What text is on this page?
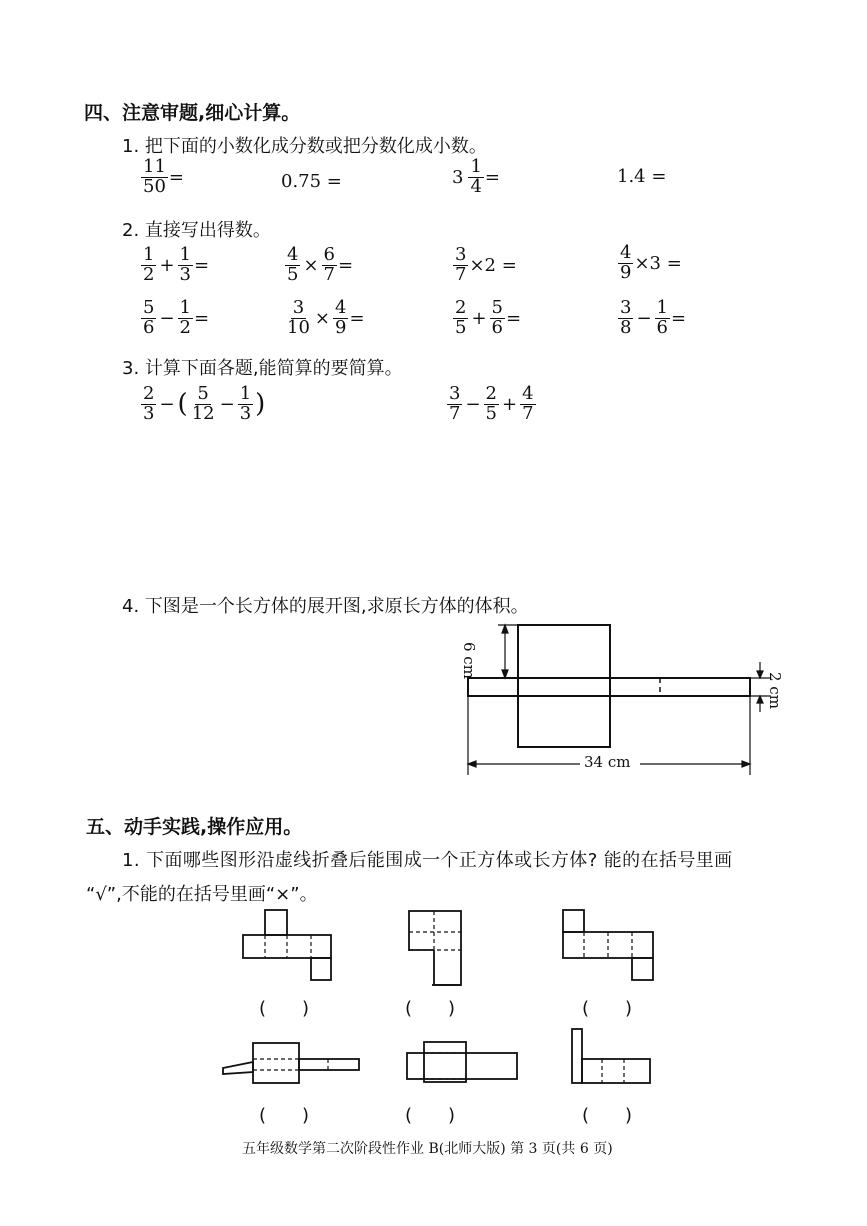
四、注意审题,细心计算。
1. 把下面的小数化成分数或把分数化成小数。
$\frac{11}{50}$ =	0.75 =	$3 \frac{1}{4}$ =	1.4 =
2. 直接写出得数。
$\frac{1}{2} + \frac{1}{3}$ =	$\frac{4}{5} \times \frac{6}{7}$ =	$\frac{3}{7} \times 2$ =	$\frac{4}{9} \times 3$ =
$\frac{5}{6} - \frac{1}{2}$ =	$\frac{3}{10} \times \frac{4}{9}$ =	$\frac{2}{5} + \frac{5}{6}$ =	$\frac{3}{8} - \frac{1}{6}$ =
3. 计算下面各题,能简算的要简算。
$\frac{2}{3}$ − ( $\frac{5}{12} - \frac{1}{3}$ )	$\frac{3}{7} - \frac{2}{5} + \frac{4}{7}$
4. 下图是一个长方体的展开图,求原长方体的体积。
6 cm
2 cm
34 cm
五、动手实践,操作应用。
1. 下面哪些图形沿虚线折叠后能围成一个正方体或长方体? 能的在括号里画
“√”,不能的在括号里画“×”。
(　　)	(　　)	(　　)
(　　)	(　　)	(　　)
五年级数学第二次阶段性作业 B(北师大版) 第 3 页(共 6 页)
